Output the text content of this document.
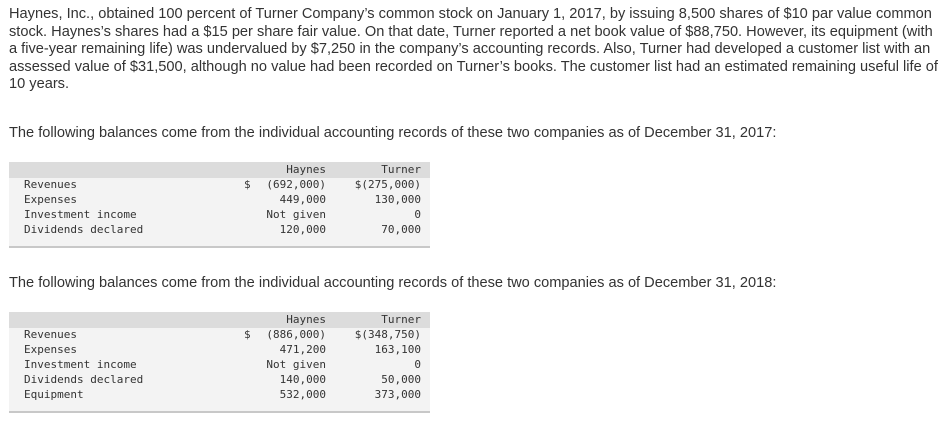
Haynes, Inc., obtained 100 percent of Turner Company’s common stock on January 1, 2017, by issuing 8,500 shares of $10 par value common stock. Haynes’s shares had a $15 per share fair value. On that date, Turner reported a net book value of $88,750. However, its equipment (with a five-year remaining life) was undervalued by $7,250 in the company’s accounting records. Also, Turner had developed a customer list with an assessed value of $31,500, although no value had been recorded on Turner’s books. The customer list had an estimated remaining useful life of 10 years.

The following balances come from the individual accounting records of these two companies as of December 31, 2017:

Haynes	Turner
$
Revenues	(692,000)	$(275,000)
Expenses	449,000	130,000
Investment income	Not given	0
Dividends declared	120,000	70,000

The following balances come from the individual accounting records of these two companies as of December 31, 2018:

Haynes	Turner
$
Revenues	(886,000)	$(348,750)
Expenses	471,200	163,100
Investment income	Not given	0
Dividends declared	140,000	50,000
Equipment	532,000	373,000
